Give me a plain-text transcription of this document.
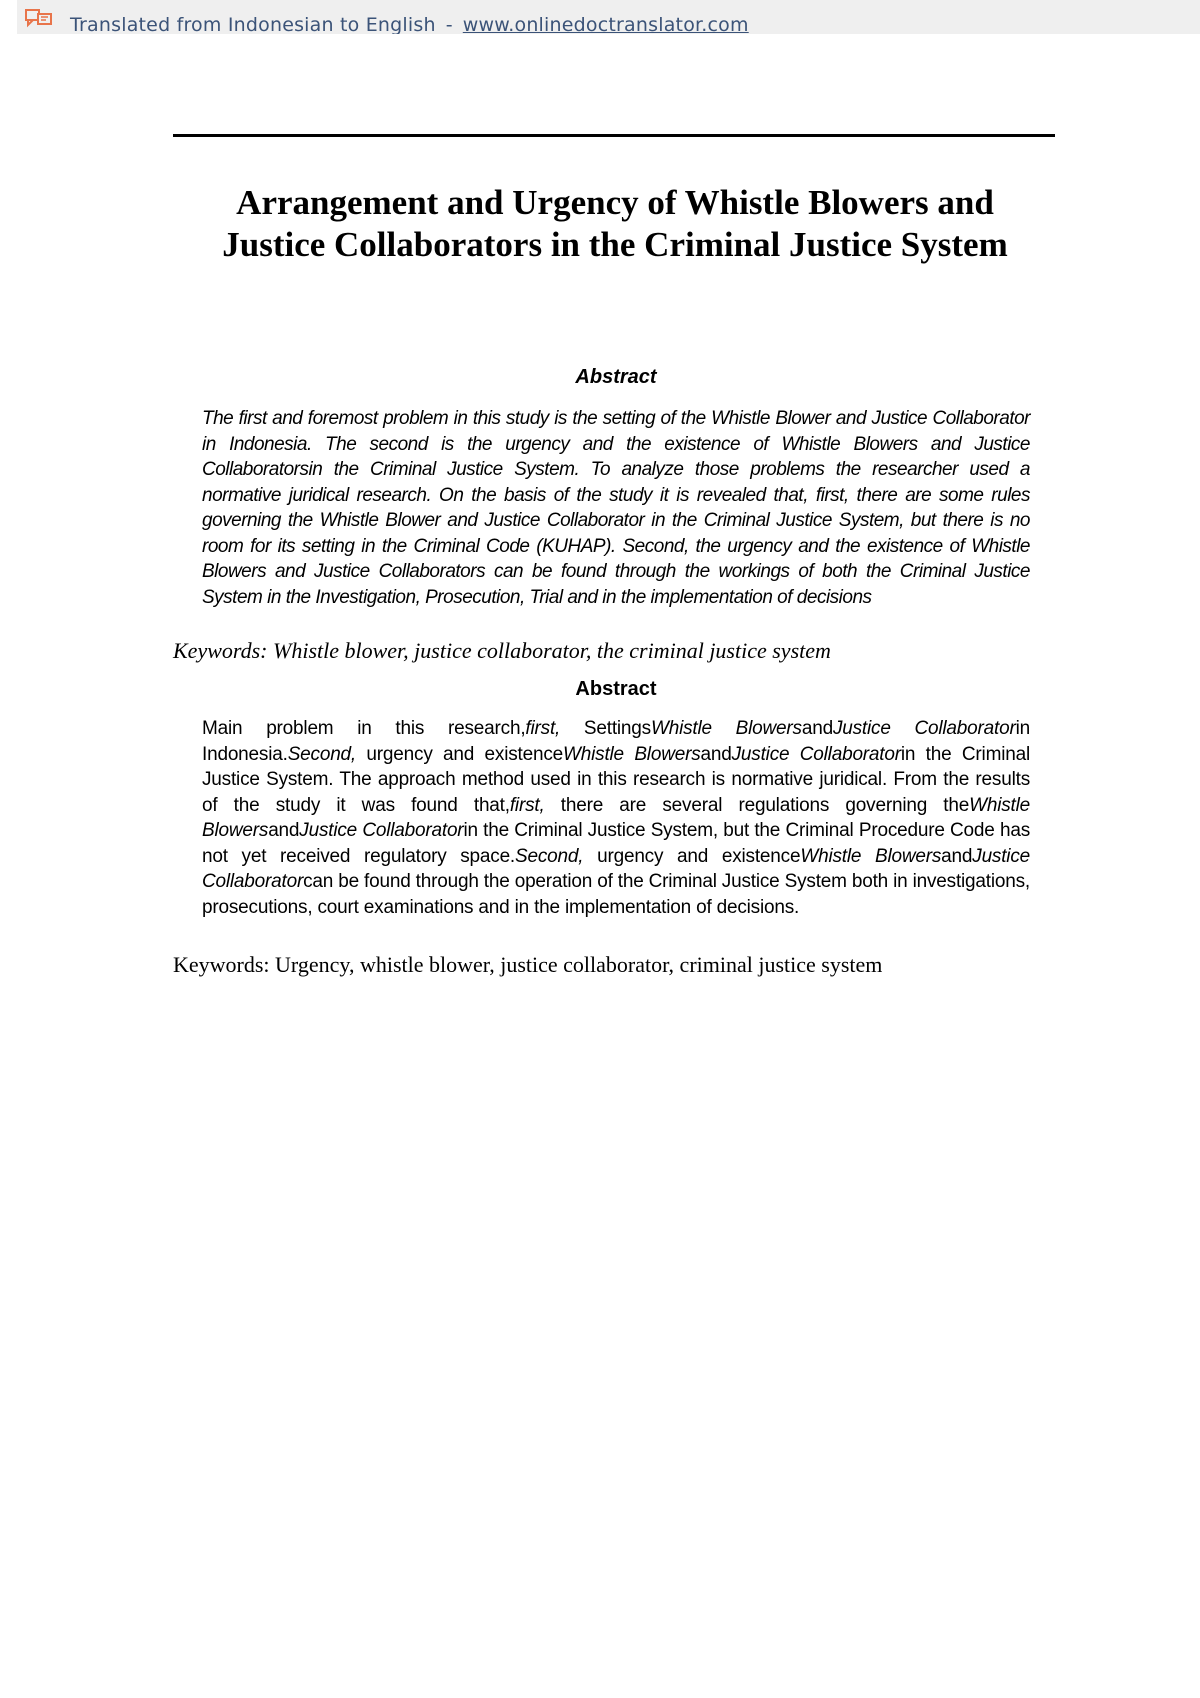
Translated from Indonesian to English - www.onlinedoctranslator.com
Arrangement and Urgency of Whistle Blowers and Justice Collaborators in the Criminal Justice System
Abstract
The first and foremost problem in this study is the setting of the Whistle Blower and Justice Collaborator in Indonesia. The second is the urgency and the existence of Whistle Blowers and Justice Collaboratorsin the Criminal Justice System. To analyze those problems the researcher used a normative juridical research. On the basis of the study it is revealed that, first, there are some rules governing the Whistle Blower and Justice Collaborator in the Criminal Justice System, but there is no room for its setting in the Criminal Code (KUHAP). Second, the urgency and the existence of Whistle Blowers and Justice Collaborators can be found through the workings of both the Criminal Justice System in the Investigation, Prosecution, Trial and in the implementation of decisions
Keywords: Whistle blower, justice collaborator, the criminal justice system
Abstract
Main problem in this research,first, SettingsWhistle BlowersandJustice Collaboratorin Indonesia.Second, urgency and existenceWhistle BlowersandJustice Collaboratorin the Criminal Justice System. The approach method used in this research is normative juridical. From the results of the study it was found that,first, there are several regulations governing theWhistle BlowersandJustice Collaboratorin the Criminal Justice System, but the Criminal Procedure Code has not yet received regulatory space.Second, urgency and existenceWhistle BlowersandJustice Collaboratorcan be found through the operation of the Criminal Justice System both in investigations, prosecutions, court examinations and in the implementation of decisions.
Keywords: Urgency, whistle blower, justice collaborator, criminal justice system
